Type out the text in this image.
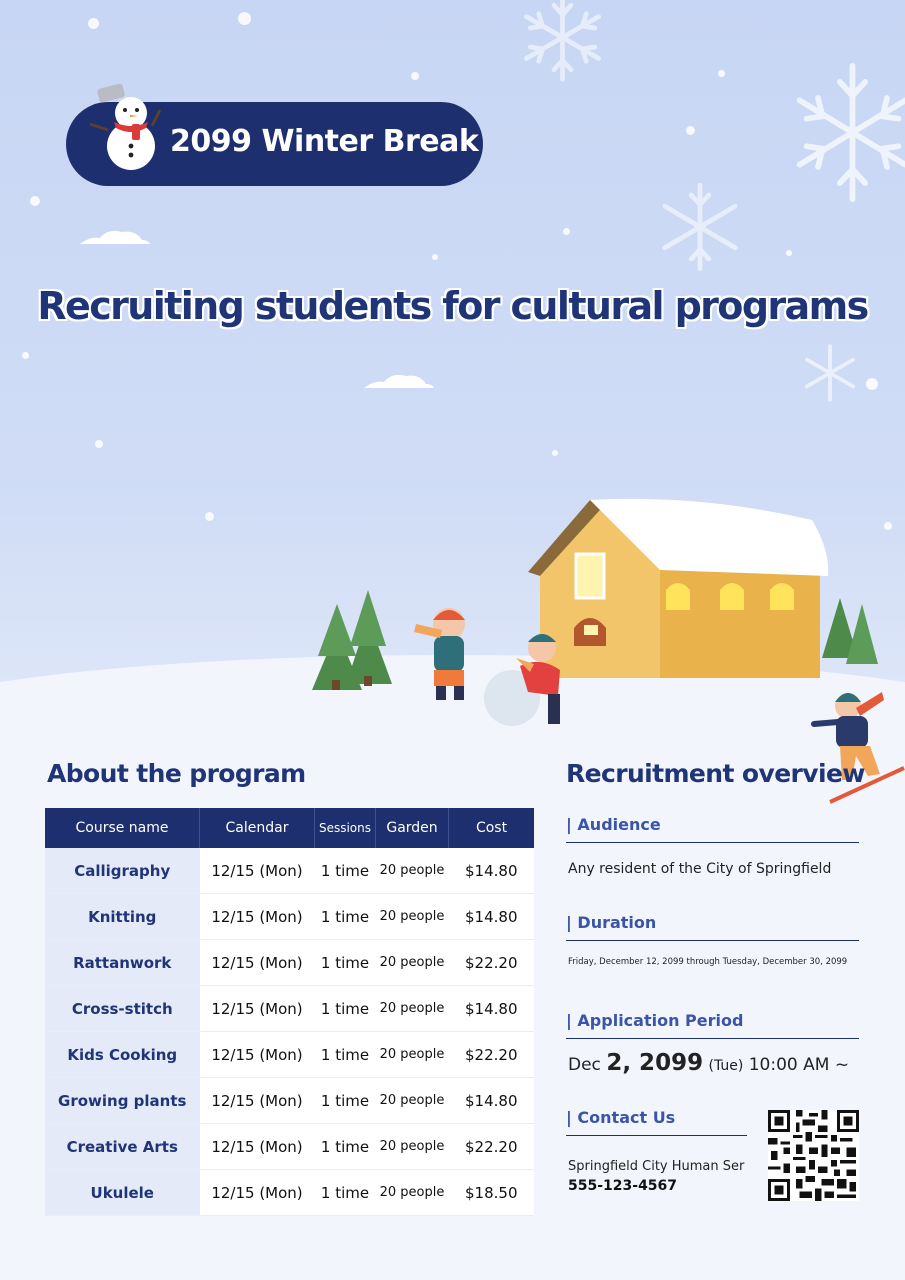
2099 Winter Break
Recruiting students for cultural programs
About the program
Course name	Calendar	Sessions	Garden	Cost
Calligraphy	12/15 (Mon)	1 time	20 people	$14.80
Knitting	12/15 (Mon)	1 time	20 people	$14.80
Rattanwork	12/15 (Mon)	1 time	20 people	$22.20
Cross-stitch	12/15 (Mon)	1 time	20 people	$14.80
Kids Cooking	12/15 (Mon)	1 time	20 people	$22.20
Growing plants	12/15 (Mon)	1 time	20 people	$14.80
Creative Arts	12/15 (Mon)	1 time	20 people	$22.20
Ukulele	12/15 (Mon)	1 time	20 people	$18.50
Recruitment overview
| Audience
Any resident of the City of Springfield
| Duration
Friday, December 12, 2099 through Tuesday, December 30, 2099
| Application Period
Dec 2, 2099 (Tue) 10:00 AM ~
| Contact Us
Springfield City Human Ser
555-123-4567
